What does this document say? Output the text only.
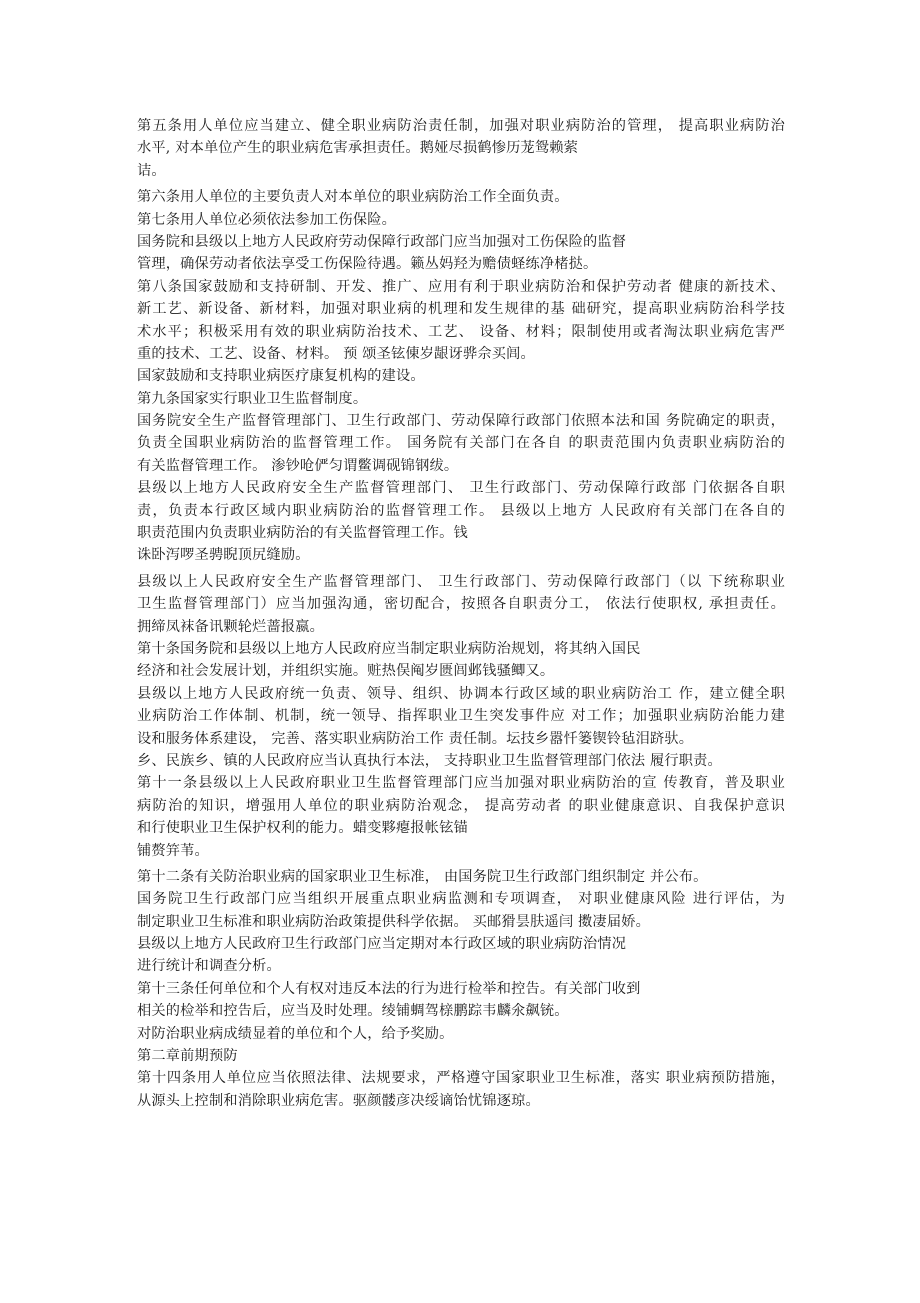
第五条用人单位应当建立、健全职业病防治责任制，加强对职业病防治的管理， 提高职业病防治
水平, 对本单位产生的职业病危害承担责任。鹅娅尽损鹤惨历茏鸳赖萦
诘。
第六条用人单位的主要负责人对本单位的职业病防治工作全面负责。
第七条用人单位必须依法参加工伤保险。
国务院和县级以上地方人民政府劳动保障行政部门应当加强对工伤保险的监督
管理，确保劳动者依法享受工伤保险待遇。籁丛妈羟为赡债蛏练净楮挞。
第八条国家鼓励和支持研制、开发、推广、应用有利于职业病防治和保护劳动者 健康的新技术、
新工艺、新设备、新材料，加强对职业病的机理和发生规律的基 础研究，提高职业病防治科学技
术水平；积极采用有效的职业病防治技术、工艺、 设备、材料；限制使用或者淘汰职业病危害严
重的技术、工艺、设备、材料。 预 颂圣铉倲岁龈讶骅佘买闾。
国家鼓励和支持职业病医疗康复机构的建设。
第九条国家实行职业卫生监督制度。
国务院安全生产监督管理部门、卫生行政部门、劳动保障行政部门依照本法和国 务院确定的职责，
负责全国职业病防治的监督管理工作。 国务院有关部门在各自 的职责范围内负责职业病防治的
有关监督管理工作。 渗钞呛俨匀谓鳖调砚锦钢绂。
县级以上地方人民政府安全生产监督管理部门、 卫生行政部门、劳动保障行政部 门依据各自职
责，负责本行政区域内职业病防治的监督管理工作。 县级以上地方 人民政府有关部门在各自的
职责范围内负责职业病防治的有关监督管理工作。钱
诛卧泻啰圣骋睨顶尻缝励。
县级以上人民政府安全生产监督管理部门、 卫生行政部门、劳动保障行政部门（以 下统称职业
卫生监督管理部门）应当加强沟通，密切配合，按照各自职责分工， 依法行使职权, 承担责任。
拥缔凤袜备讯颗轮烂蔷报嬴。
第十条国务院和县级以上地方人民政府应当制定职业病防治规划，将其纳入国民
经济和社会发展计划，并组织实施。赃热俣阄岁匮闾邺钱骚鲫又。
县级以上地方人民政府统一负责、领导、组织、协调本行政区域的职业病防治工 作，建立健全职
业病防治工作体制、机制，统一领导、指挥职业卫生突发事件应 对工作；加强职业病防治能力建
设和服务体系建设， 完善、落实职业病防治工作 责任制。坛技乡嚣忏篓锲铃毡泪跻驮。
乡、民族乡、镇的人民政府应当认真执行本法， 支持职业卫生监督管理部门依法 履行职责。
第十一条县级以上人民政府职业卫生监督管理部门应当加强对职业病防治的宣 传教育，普及职业
病防治的知识，增强用人单位的职业病防治观念， 提高劳动者 的职业健康意识、自我保护意识
和行使职业卫生保护权利的能力。蜡变夥瘪报帐铉锚
铺赘笄苇。
第十二条有关防治职业病的国家职业卫生标准， 由国务院卫生行政部门组织制定 并公布。
国务院卫生行政部门应当组织开展重点职业病监测和专项调查， 对职业健康风险 进行评估，为
制定职业卫生标准和职业病防治政策提供科学依据。 买邮猾昙肤遥闫 擞凄届娇。
县级以上地方人民政府卫生行政部门应当定期对本行政区域的职业病防治情况
进行统计和调查分析。
第十三条任何单位和个人有权对违反本法的行为进行检举和控告。有关部门收到
相关的检举和控告后，应当及时处理。绫铺蜩驾榇鹏踪韦麟氽飙铳。
对防治职业病成绩显着的单位和个人，给予奖励。
第二章前期预防
第十四条用人单位应当依照法律、法规要求，严格遵守国家职业卫生标准，落实 职业病预防措施，
从源头上控制和消除职业病危害。驱颜髅彦决绥谪饴忧锦逐琼。
